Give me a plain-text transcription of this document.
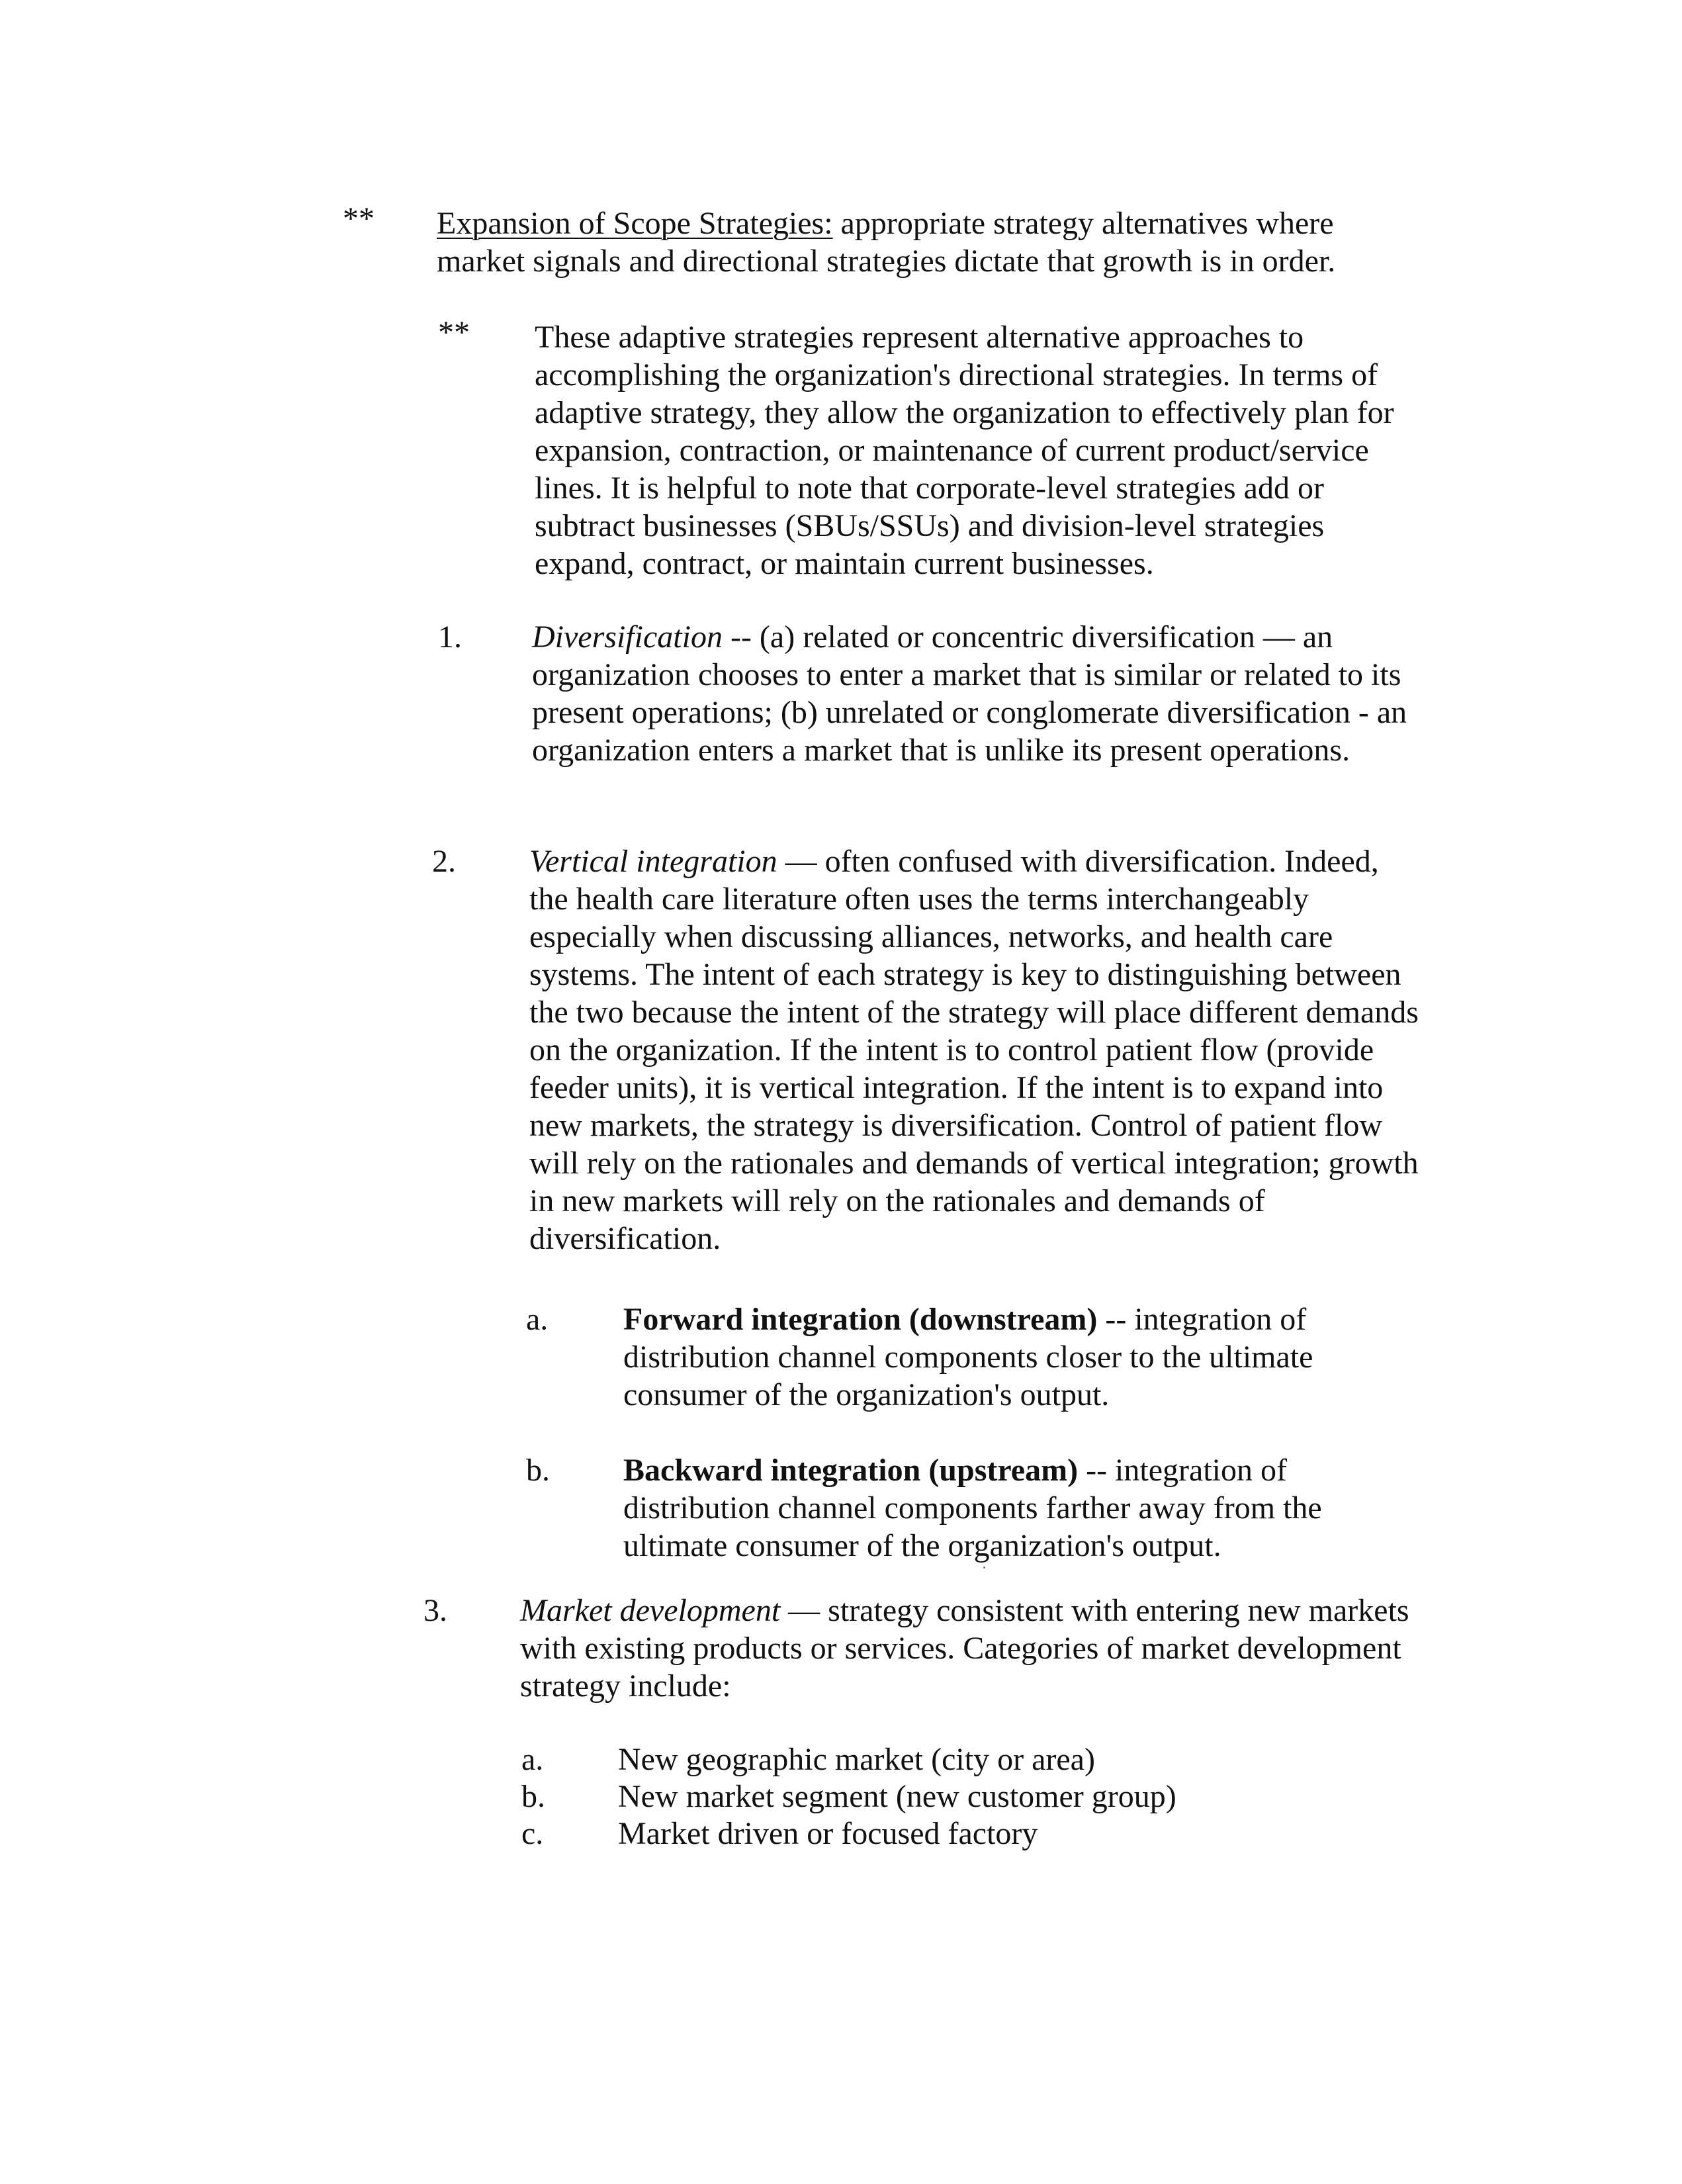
** Expansion of Scope Strategies: appropriate strategy alternatives where market signals and directional strategies dictate that growth is in order.
** These adaptive strategies represent alternative approaches to accomplishing the organization's directional strategies. In terms of adaptive strategy, they allow the organization to effectively plan for expansion, contraction, or maintenance of current product/service lines. It is helpful to note that corporate-level strategies add or subtract businesses (SBUs/SSUs) and division-level strategies expand, contract, or maintain current businesses.
1. Diversification -- (a) related or concentric diversification — an organization chooses to enter a market that is similar or related to its present operations; (b) unrelated or conglomerate diversification - an organization enters a market that is unlike its present operations.
2. Vertical integration — often confused with diversification. Indeed, the health care literature often uses the terms interchangeably especially when discussing alliances, networks, and health care systems. The intent of each strategy is key to distinguishing between the two because the intent of the strategy will place different demands on the organization. If the intent is to control patient flow (provide feeder units), it is vertical integration. If the intent is to expand into new markets, the strategy is diversification. Control of patient flow will rely on the rationales and demands of vertical integration; growth in new markets will rely on the rationales and demands of diversification.
a. Forward integration (downstream) -- integration of distribution channel components closer to the ultimate consumer of the organization's output.
b. Backward integration (upstream) -- integration of distribution channel components farther away from the ultimate consumer of the organization's output.
3. Market development — strategy consistent with entering new markets with existing products or services. Categories of market development strategy include:
a. New geographic market (city or area)
b. New market segment (new customer group)
c. Market driven or focused factory
